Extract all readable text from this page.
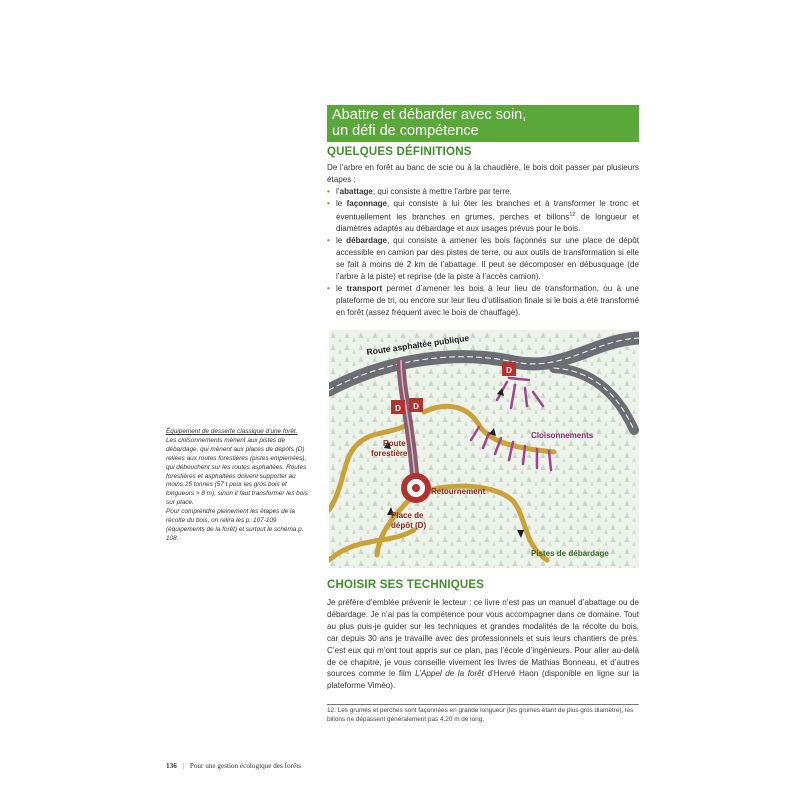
Abattre et débarder avec soin,
un défi de compétence
QUELQUES DÉFINITIONS

De l’arbre en forêt au banc de scie ou à la chaudière, le bois doit passer par plusieurs étapes :

• l’abattage, qui consiste à mettre l’arbre par terre.

• le façonnage, qui consiste à lui ôter les branches et à transformer le tronc et éventuellement les branches en grumes, perches et billons$^{12}$ de longueur et diamètres adaptés au débardage et aux usages prévus pour le bois.

• le débardage, qui consiste à amener les bois façonnés sur une place de dépôt accessible en camion par des pistes de terre, ou aux outils de transformation si elle se fait à moins de 2 km de l’abattage. Il peut se décomposer en débusquage (de l’arbre à la piste) et reprise (de la piste à l’accès camion).

• le transport permet d’amener les bois à leur lieu de transformation, ou à une plateforme de tri, ou encore sur leur lieu d’utilisation finale si le bois a été transformé en forêt (assez fréquent avec le bois de chauffage).

D D
D
Route asphaltée publique
Route
forestière
Cloisonnements
Retournement
Place de
dépôt (D)
Pistes de débardage

Équipement de desserte classique d’une forêt. Les cloisonnements mènent aux pistes de débardage, qui mènent aux places de dépôts (D) reliées aux routes forestières (pistes empierrées), qui débouchent sur les routes asphaltées. Routes forestières et asphaltées doivent supporter au moins 25 tonnes (57 t pour les gros bois et longueurs > 8 m), sinon il faut transformer les bois sur place.

Pour comprendre pleinement les étapes de la récolte du bois, on relira les p. 107-109 (équipements de la forêt) et surtout le schéma p. 108.

CHOISIR SES TECHNIQUES

Je préfère d’emblée prévenir le lecteur : ce livre n’est pas un manuel d’abattage ou de débardage. Je n’ai pas la compétence pour vous accompagner dans ce domaine. Tout au plus puis-je guider sur les techniques et grandes modalités de la récolte du bois, car depuis 30 ans je travaille avec des professionnels et suis leurs chantiers de près. C’est eux qui m’ont tout appris sur ce plan, pas l’école d’ingénieurs. Pour aller au-delà de ce chapitre, je vous conseille vivement les livres de Mathias Bonneau, et d’autres sources comme le film L’Appel de la forêt d’Hervé Haon (disponible en ligne sur la plateforme Viméo).

12. Les grumes et perches sont façonnées en grande longueur (les grumes étant de plus gros diamètre), les billons ne dépassent généralement pas 4,20 m de long.
136 | Pour une gestion écologique des forêts
